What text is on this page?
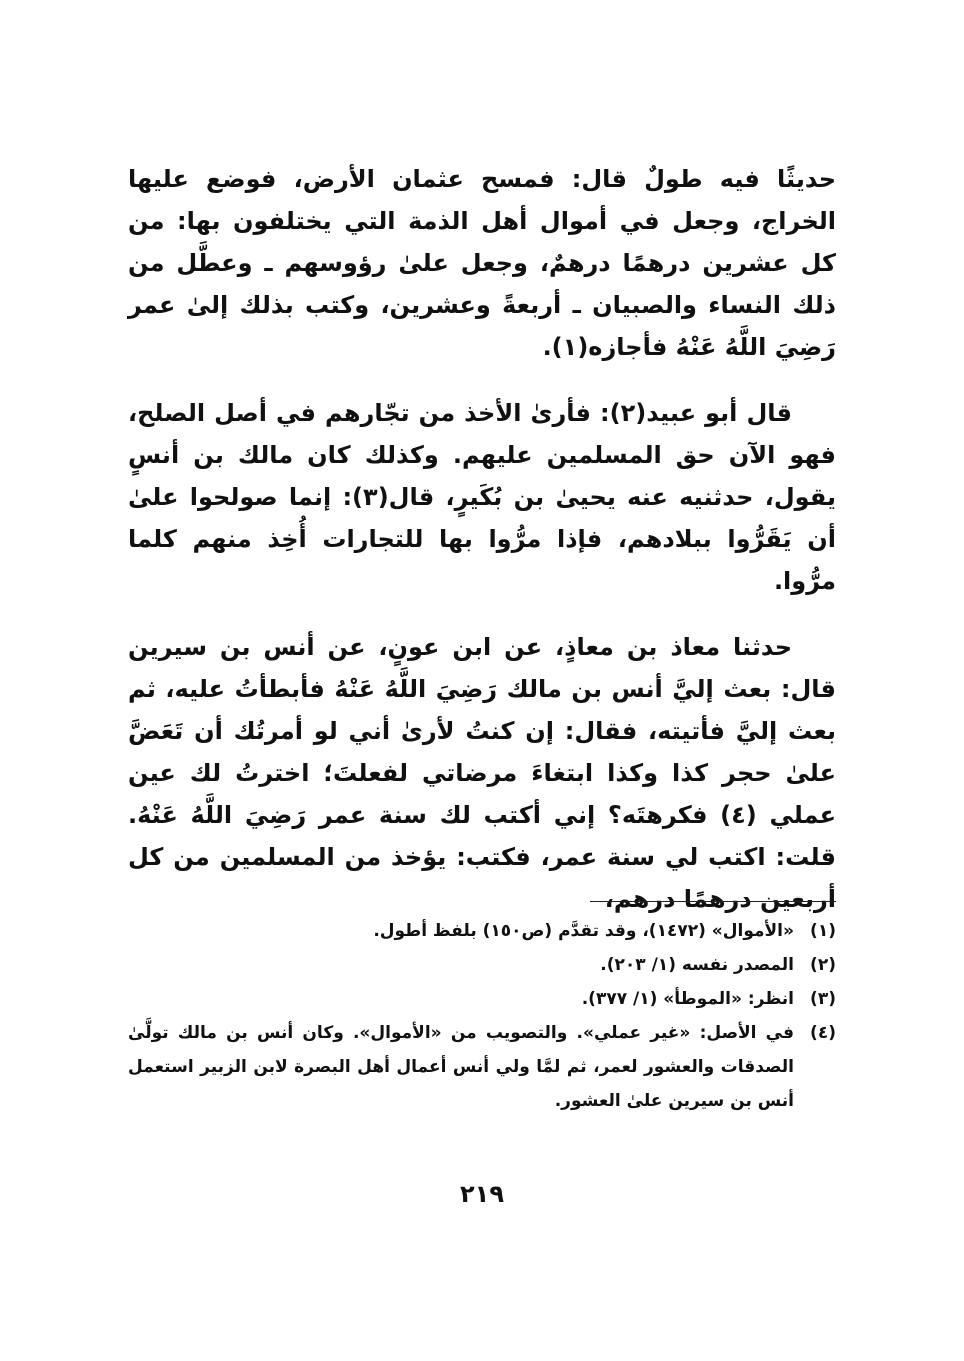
حديثًا فيه طولٌ قال: فمسح عثمان الأرض، فوضع عليها الخراج، وجعل في أموال أهل الذمة التي يختلفون بها: من كل عشرين درهمًا درهمٌ، وجعل علىٰ رؤوسهم ـ وعطَّل من ذلك النساء والصبيان ـ أربعةً وعشرين، وكتب بذلك إلىٰ عمر رَضِيَ اللَّهُ عَنْهُ فأجازه(١).

قال أبو عبيد(٢): فأرىٰ الأخذ من تجّارهم في أصل الصلح، فهو الآن حق المسلمين عليهم. وكذلك كان مالك بن أنسٍ يقول، حدثنيه عنه يحيىٰ بن بُكَيرٍ، قال(٣): إنما صولحوا علىٰ أن يَقَرُّوا ببلادهم، فإذا مرُّوا بها للتجارات أُخِذ منهم كلما مرُّوا.

حدثنا معاذ بن معاذٍ، عن ابن عونٍ، عن أنس بن سيرين قال: بعث إليَّ أنس بن مالك رَضِيَ اللَّهُ عَنْهُ فأبطأتُ عليه، ثم بعث إليَّ فأتيته، فقال: إن كنتُ لأرىٰ أني لو أمرتُك أن تَعَضَّ علىٰ حجر كذا وكذا ابتغاءَ مرضاتي لفعلتَ؛ اخترتُ لك عين عملي (٤) فكرهتَه؟ إني أكتب لك سنة عمر رَضِيَ اللَّهُ عَنْهُ. قلت: اكتب لي سنة عمر، فكتب: يؤخذ من المسلمين من كل أربعين درهمًا درهم،

(١)
«الأموال» (١٤٧٢)، وقد تقدَّم (ص١٥٠) بلفظ أطول.
(٢)
المصدر نفسه (١/ ٢٠٣).
(٣)
انظر: «الموطأ» (١/ ٣٧٧).
(٤)
في الأصل: «غير عملي». والتصويب من «الأموال». وكان أنس بن مالك تولَّىٰ الصدقات والعشور لعمر، ثم لمَّا ولي أنس أعمال أهل البصرة لابن الزبير استعمل أنس بن سيرين علىٰ العشور.
٢١٩
